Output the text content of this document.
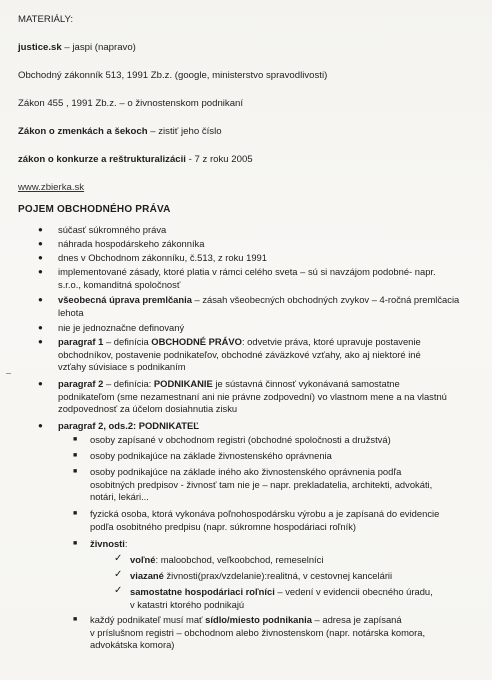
MATERIÁLY:
justice.sk – jaspi (napravo)
Obchodný zákonník 513, 1991 Zb.z. (google, ministerstvo spravodlivosti)
Zákon 455 , 1991 Zb.z. – o živnostenskom podnikaní
Zákon o zmenkách a šekoch – zistiť jeho číslo
zákon o konkurze a reštrukturalizácii - 7 z roku 2005
www.zbierka.sk
POJEM OBCHODNÉHO PRÁVA
● súčasť súkromného práva
● náhrada hospodárskeho zákonníka
● dnes v Obchodnom zákonníku, č.513, z roku 1991
● implementované zásady, ktoré platia v rámci celého sveta – sú si navzájom podobné- napr.
s.r.o., komanditná spoločnosť
● všeobecná úprava premlčania – zásah všeobecných obchodných zvykov – 4-ročná premlčacia
lehota
● nie je jednoznačne definovaný
● paragraf 1 – definícia OBCHODNÉ PRÁVO: odvetvie práva, ktoré upravuje postavenie
obchodníkov, postavenie podnikateľov, obchodné záväzkové vzťahy, ako aj niektoré iné
vzťahy súvisiace s podnikaním
● paragraf 2 – definícia: PODNIKANIE je sústavná činnosť vykonávaná samostatne
podnikateľom (sme nezamestnaní ani nie právne zodpovední) vo vlastnom mene a na vlastnú
zodpovednosť za účelom dosiahnutia zisku
● paragraf 2, ods.2: PODNIKATEĽ
■ osoby zapísané v obchodnom registri (obchodné spoločnosti a družstvá)
■ osoby podnikajúce na základe živnostenského oprávnenia
■ osoby podnikajúce na základe iného ako živnostenského oprávnenia podľa
osobitných predpisov - živnosť tam nie je – napr. prekladatelia, architekti, advokáti,
notári, lekári...
■ fyzická osoba, ktorá vykonáva poľnohospodársku výrobu a je zapísaná do evidencie
podľa osobitného predpisu (napr. súkromne hospodáriaci roľník)
■ živnosti:
✓ voľné: maloobchod, veľkoobchod, remeselníci
✓ viazané živnosti(prax/vzdelanie):realitná, v cestovnej kancelárii
✓ samostatne hospodáriaci roľníci – vedení v evidencii obecného úradu,
v katastri ktorého podnikajú
■ každý podnikateľ musí mať sídlo/miesto podnikania – adresa je zapísaná
v príslušnom registri – obchodnom alebo živnostenskom (napr. notárska komora,
advokátska komora)
